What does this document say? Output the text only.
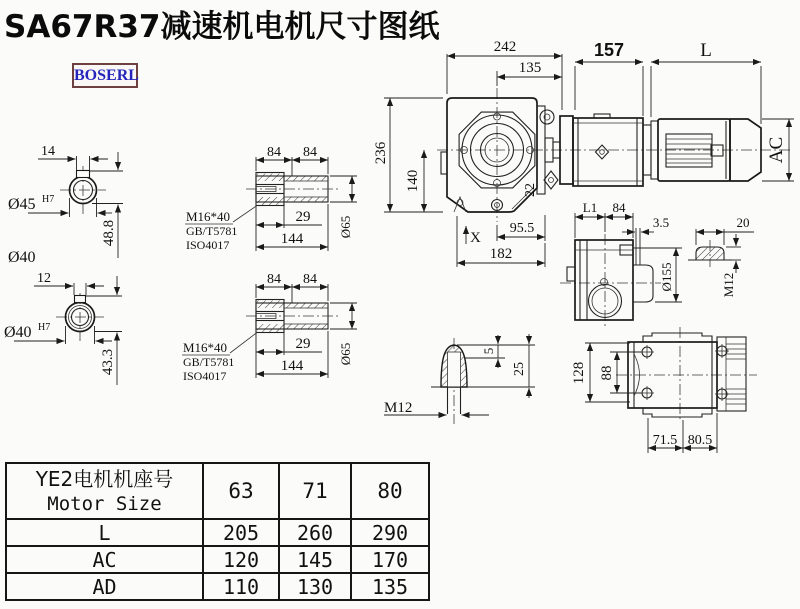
SA67R37减速机电机尺寸图纸
BOSERL
14
Ø45 H7
48.8
Ø40
12
Ø40 H7
43.3
84 84
29
144
Ø65
M16*40
GB/T5781
ISO4017
84 84
29
144
Ø65
M16*40
GB/T5781
ISO4017
22
242
135
236
140
95.5
182
X
157	L
AC
L1 84
3.5
Ø155
20
M12
128 88
71.5 80.5
M12
5
25
YE2电机机座号
Motor Size	63	71	80
L	205	260	290
AC	120	145	170
AD	110	130	135
